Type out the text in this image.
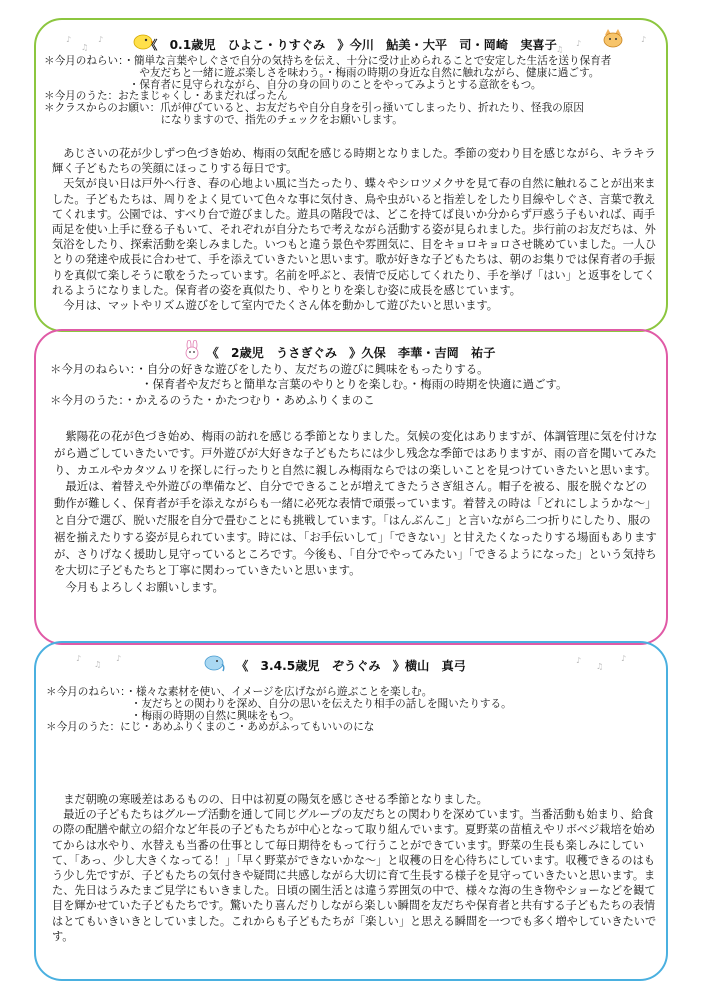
♪
♫
♪	♪
♫
♪
《　0.1歳児　ひよこ・りすぐみ　》今川　鮎美・大平　司・岡崎　実喜子
＊今月のねらい：・簡単な言葉やしぐさで自分の気持ちを伝え、十分に受け止められることで安定した生活を送り保育者
　　　　　　　　　や友だちと一緒に遊ぶ楽しさを味わう。・梅雨の時期の身近な自然に触れながら、健康に過ごす。
　　　　　　　　・保育者に見守られながら、自分の身の回りのことをやってみようとする意欲をもつ。
＊今月のうた：おたまじゃくし・あまだればったん
＊クラスからのお願い：爪が伸びていると、お友だちや自分自身を引っ掻いてしまったり、折れたり、怪我の原因
　　　　　　　　　　　になりますので、指先のチェックをお願いします。

あじさいの花が少しずつ色づき始め、梅雨の気配を感じる時期となりました。季節の変わり目を感じながら、キラキラ輝く子どもたちの笑顔にほっこりする毎日です。

天気が良い日は戸外へ行き、春の心地よい風に当たったり、蝶々やシロツメクサを見て春の自然に触れることが出来ました。子どもたちは、周りをよく見ていて色々な事に気付き、鳥や虫がいると指差しをしたり目線やしぐさ、言葉で教えてくれます。公園では、すべり台で遊びました。遊具の階段では、どこを持てば良いか分からず戸惑う子もいれば、両手両足を使い上手に登る子もいて、それぞれが自分たちで考えながら活動する姿が見られました。歩行前のお友だちは、外気浴をしたり、探索活動を楽しみました。いつもと違う景色や雰囲気に、目をキョロキョロさせ眺めていました。一人ひとりの発達や成長に合わせて、手を添えていきたいと思います。歌が好きな子どもたちは、朝のお集りでは保育者の手振りを真似て楽しそうに歌をうたっています。名前を呼ぶと、表情で反応してくれたり、手を挙げ「はい」と返事をしてくれるようになりました。保育者の姿を真似たり、やりとりを楽しむ姿に成長を感じています。

今月は、マットやリズム遊びをして室内でたくさん体を動かして遊びたいと思います。

《　2歳児　うさぎぐみ　》久保　李華・吉岡　祐子
＊今月のねらい：・自分の好きな遊びをしたり、友だちの遊びに興味をもったりする。
　　　　　　　　・保育者や友だちと簡単な言葉のやりとりを楽しむ。・梅雨の時期を快適に過ごす。
＊今月のうた：・かえるのうた・かたつむり・あめふりくまのこ

紫陽花の花が色づき始め、梅雨の訪れを感じる季節となりました。気候の変化はありますが、体調管理に気を付けながら過ごしていきたいです。戸外遊びが大好きな子どもたちには少し残念な季節ではありますが、雨の音を聞いてみたり、カエルやカタツムリを探しに行ったりと自然に親しみ梅雨ならではの楽しいことを見つけていきたいと思います。

最近は、着替えや外遊びの準備など、自分でできることが増えてきたうさぎ組さん。帽子を被る、服を脱ぐなどの動作が難しく、保育者が手を添えながらも一緒に必死な表情で頑張っています。着替えの時は「どれにしようかな～」と自分で選び、脱いだ服を自分で畳むことにも挑戦しています。「はんぶんこ」と言いながら二つ折りにしたり、服の裾を揃えたりする姿が見られています。時には、「お手伝いして」「できない」と甘えたくなったりする場面もありますが、さりげなく援助し見守っているところです。今後も、「自分でやってみたい」「できるようになった」という気持ちを大切に子どもたちと丁寧に関わっていきたいと思います。

今月もよろしくお願いします。

♪
♫
♪	♪
♫
♪
《　3.4.5歳児　ぞうぐみ　》横山　真弓
＊今月のねらい：・様々な素材を使い、イメージを広げながら遊ぶことを楽しむ。
　　　　　　　　・友だちとの関わりを深め、自分の思いを伝えたり相手の話しを聞いたりする。
　　　　　　　　・梅雨の時期の自然に興味をもつ。
＊今月のうた：にじ・あめふりくまのこ・あめがふってもいいのにな

まだ朝晩の寒暖差はあるものの、日中は初夏の陽気を感じさせる季節となりました。

最近の子どもたちはグループ活動を通して同じグループの友だちとの関わりを深めています。当番活動も始まり、給食の際の配膳や献立の紹介など年長の子どもたちが中心となって取り組んでいます。夏野菜の苗植えやリボベジ栽培を始めてからは水やり、水替えも当番の仕事として毎日期待をもって行うことができています。野菜の生長も楽しみにしていて、「あっ、少し大きくなってる！」「早く野菜ができないかな～」と収穫の日を心待ちにしています。収穫できるのはもう少し先ですが、子どもたちの気付きや疑問に共感しながら大切に育て生長する様子を見守っていきたいと思います。また、先日はうみたまご見学にもいきました。日頃の園生活とは違う雰囲気の中で、様々な海の生き物やショーなどを観て目を輝かせていた子どもたちです。驚いたり喜んだりしながら楽しい瞬間を友だちや保育者と共有する子どもたちの表情はとてもいきいきとしていました。これからも子どもたちが「楽しい」と思える瞬間を一つでも多く増やしていきたいです。
